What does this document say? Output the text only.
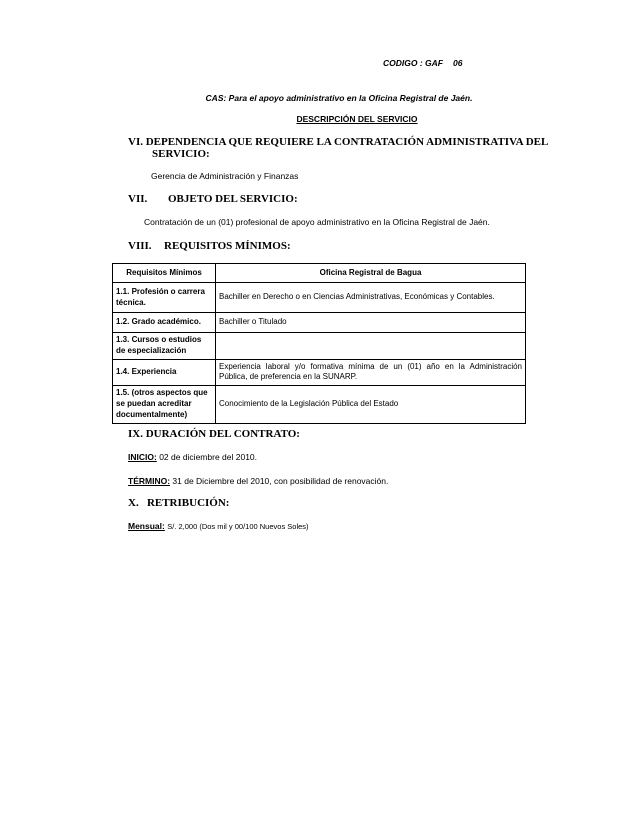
CODIGO : GAF 06
CAS: Para el apoyo administrativo en la Oficina Registral de Jaén.
DESCRIPCIÓN DEL SERVICIO
VI. DEPENDENCIA QUE REQUIERE LA CONTRATACIÓN ADMINISTRATIVA DEL
SERVICIO:
Gerencia de Administración y Finanzas
VII. OBJETO DEL SERVICIO:
Contratación de un (01) profesional de apoyo administrativo en la Oficina Registral de Jaén.
VIII. REQUISITOS MÍNIMOS:
Requisitos Mínimos	Oficina Registral de Bagua
1.1. Profesión o carrera técnica.	Bachiller en Derecho o en Ciencias Administrativas, Económicas y Contables.
1.2. Grado académico.	Bachiller o Titulado
1.3. Cursos o estudios de especialización	
1.4. Experiencia	Experiencia laboral y/o formativa mínima de un (01) año en la Administración Pública, de preferencia en la SUNARP.
1.5. (otros aspectos que se puedan acreditar documentalmente)	Conocimiento de la Legislación Pública del Estado
IX. DURACIÓN DEL CONTRATO:
INICIO: 02 de diciembre del 2010.
TÉRMINO: 31 de Diciembre del 2010, con posibilidad de renovación.
X.   RETRIBUCIÓN:
Mensual: S/. 2,000 (Dos mil y 00/100 Nuevos Soles)
